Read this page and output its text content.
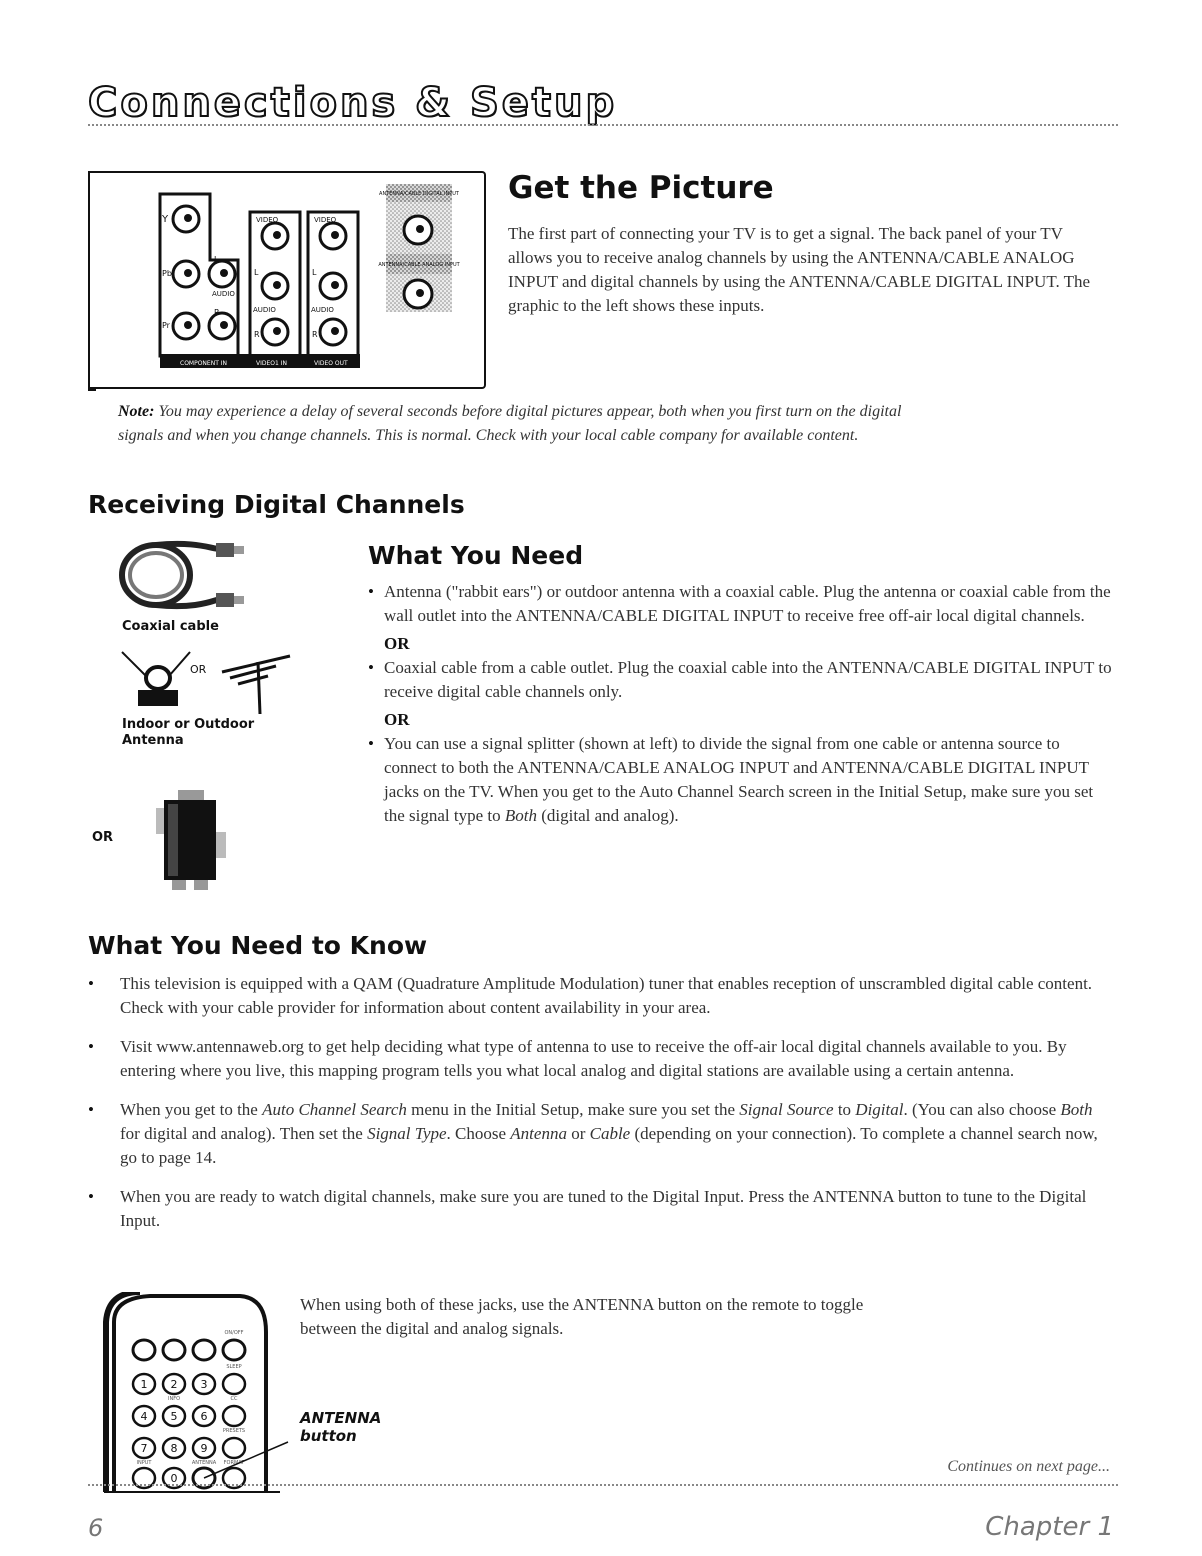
Connections & Setup
Y
Pb
Pr
L
R
AUDIO
VIDEO	VIDEO
L
R
AUDIO
L
R
AUDIO
COMPONENT IN	VIDEO1 IN	VIDEO OUT
ANTENNA/CABLE DIGITAL INPUT
ANTENNA/CABLE ANALOG INPUT
Get the Picture

The first part of connecting your TV is to get a signal. The back panel of your TV allows you to receive analog channels by using the ANTENNA/CABLE ANALOG INPUT and digital channels by using the ANTENNA/CABLE DIGITAL INPUT. The graphic to the left shows these inputs.

Note: You may experience a delay of several seconds before digital pictures appear, both when you first turn on the digital signals and when you change channels. This is normal. Check with your local cable company for available content.

Receiving Digital Channels
Coaxial cable
OR
Indoor or Outdoor
Antenna
OR
What You Need
• Antenna ("rabbit ears") or outdoor antenna with a coaxial cable. Plug the antenna or coaxial cable from the wall outlet into the ANTENNA/CABLE DIGITAL INPUT to receive free off-air local digital channels.
OR
• Coaxial cable from a cable outlet. Plug the coaxial cable into the ANTENNA/CABLE DIGITAL INPUT to receive digital cable channels only.
OR
• You can use a signal splitter (shown at left) to divide the signal from one cable or antenna source to connect to both the ANTENNA/CABLE ANALOG INPUT and ANTENNA/CABLE DIGITAL INPUT jacks on the TV. When you get to the Auto Channel Search screen in the Initial Setup, make sure you set the signal type to Both (digital and analog).
What You Need to Know
• This television is equipped with a QAM (Quadrature Amplitude Modulation) tuner that enables reception of unscrambled digital cable content. Check with your cable provider for information about content availability in your area.
• Visit www.antennaweb.org to get help deciding what type of antenna to use to receive the off-air local digital channels available to you. By entering where you live, this mapping program tells you what local analog and digital stations are available using a certain antenna.
• When you get to the Auto Channel Search menu in the Initial Setup, make sure you set the Signal Source to Digital. (You can also choose Both for digital and analog). Then set the Signal Type. Choose Antenna or Cable (depending on your connection). To complete a channel search now, go to page 14.
• When you are ready to watch digital channels, make sure you are tuned to the Digital Input. Press the ANTENNA button to tune to the Digital Input.
1 2 3
4 5 6
7 8 9
0
ON/OFF
SLEEP
INFO	CC
PRESETS
INPUT	ANTENNA FORMAT

When using both of these jacks, use the ANTENNA button on the remote to toggle between the digital and analog signals.

ANTENNA
button
Continues on next page...
6	Chapter 1
